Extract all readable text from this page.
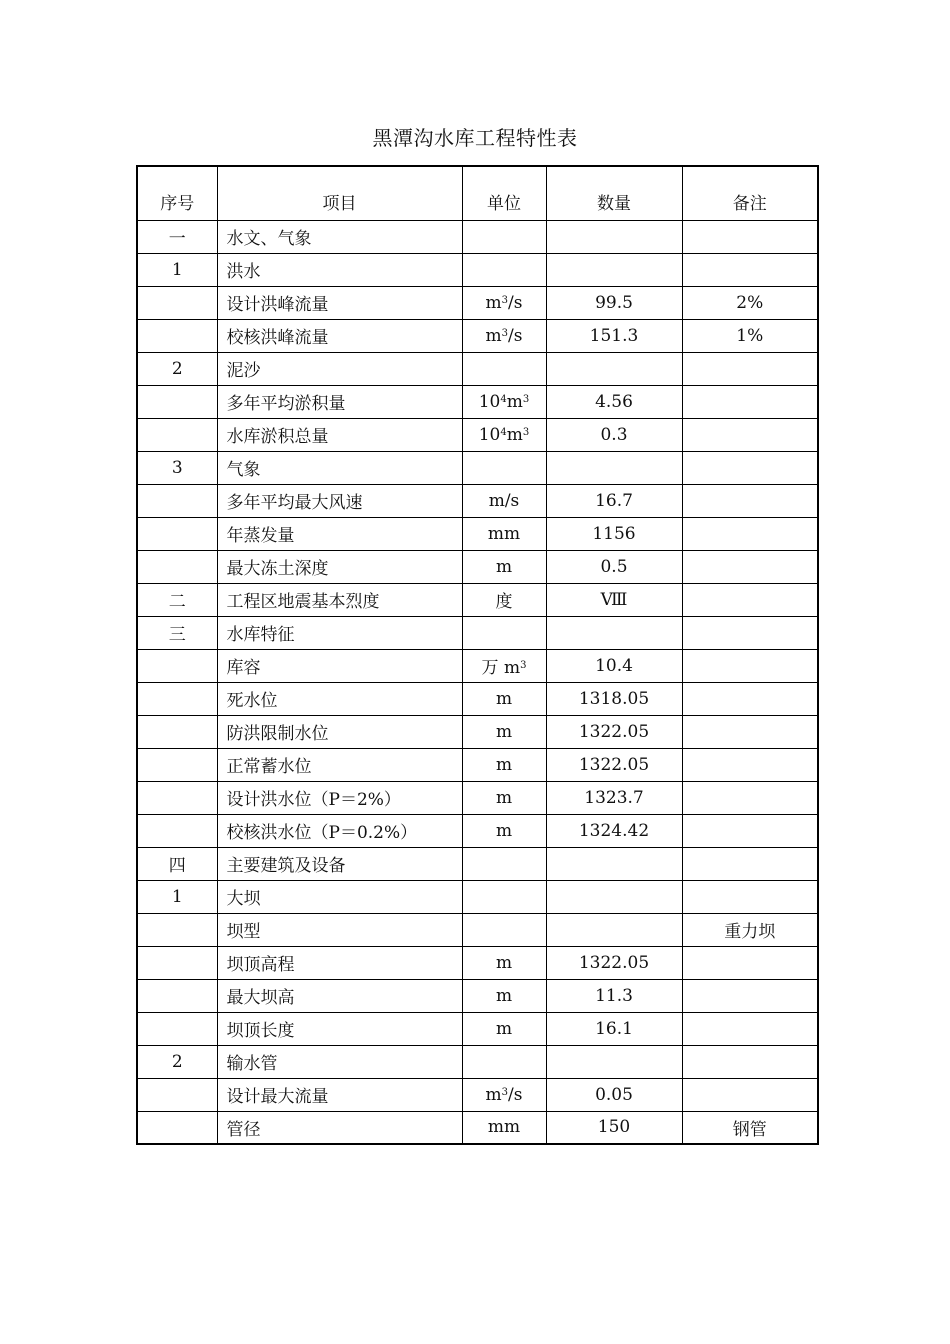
黑潭沟水库工程特性表
序号	项目	单位	数量	备注
一	水文、气象			
1	洪水			
	设计洪峰流量	$m^3/s$	99.5	2%
	校核洪峰流量	$m^3/s$	151.3	1%
2	泥沙			
	多年平均淤积量	$10^4m^3$	4.56	
	水库淤积总量	$10^4m^3$	0.3	
3	气象			
	多年平均最大风速	m/s	16.7	
	年蒸发量	mm	1156	
	最大冻土深度	m	0.5	
二	工程区地震基本烈度	度	Ⅷ	
三	水库特征			
	库容	万 $m^3$	10.4	
	死水位	m	1318.05	
	防洪限制水位	m	1322.05	
	正常蓄水位	m	1322.05	
	设计洪水位（P＝2%）	m	1323.7	
	校核洪水位（P＝0.2%）	m	1324.42	
四	主要建筑及设备			
1	大坝			
	坝型			重力坝
	坝顶高程	m	1322.05	
	最大坝高	m	11.3	
	坝顶长度	m	16.1	
2	输水管			
	设计最大流量	$m^3/s$	0.05	
	管径	mm	150	钢管
